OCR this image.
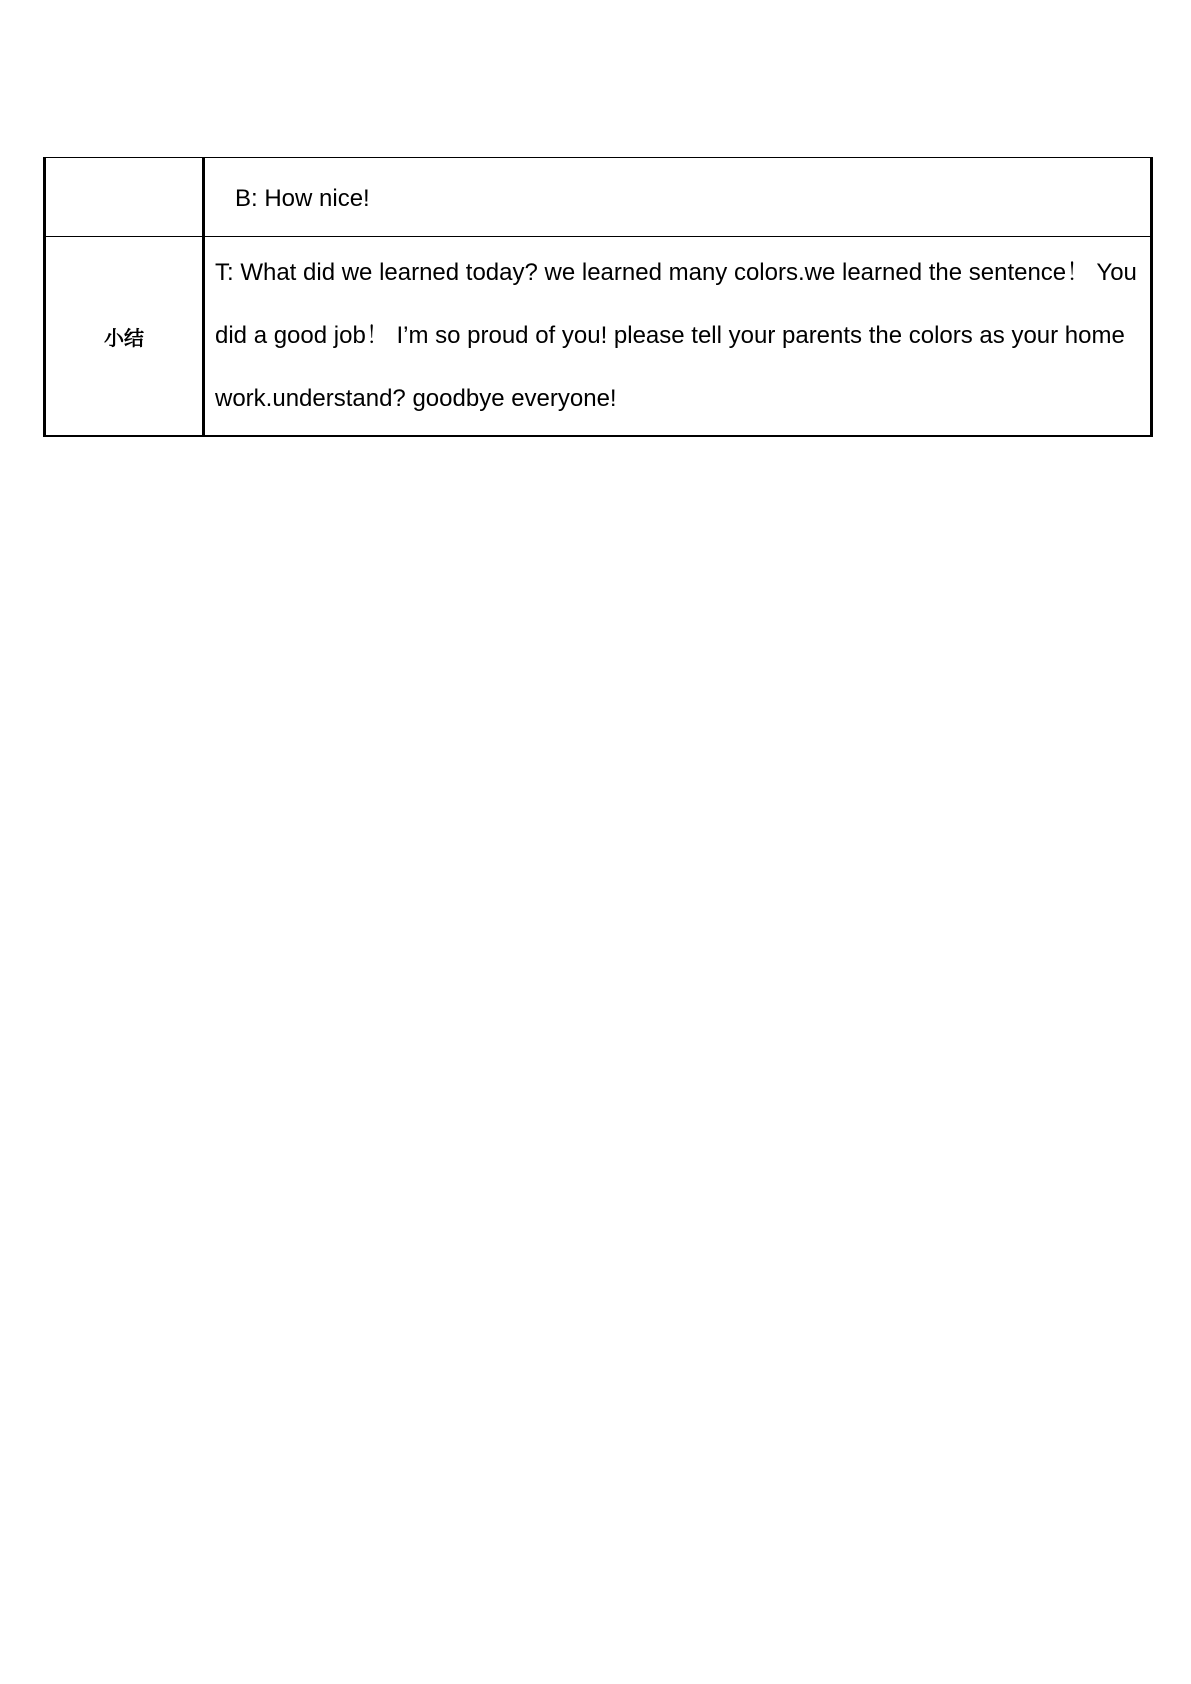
	B: How nice!

小结	T: What did we learned today? we learned many colors.we learned the sentence！ You did a good job！ I’m so proud of you! please tell your parents the colors as your home work.understand? goodbye everyone!
